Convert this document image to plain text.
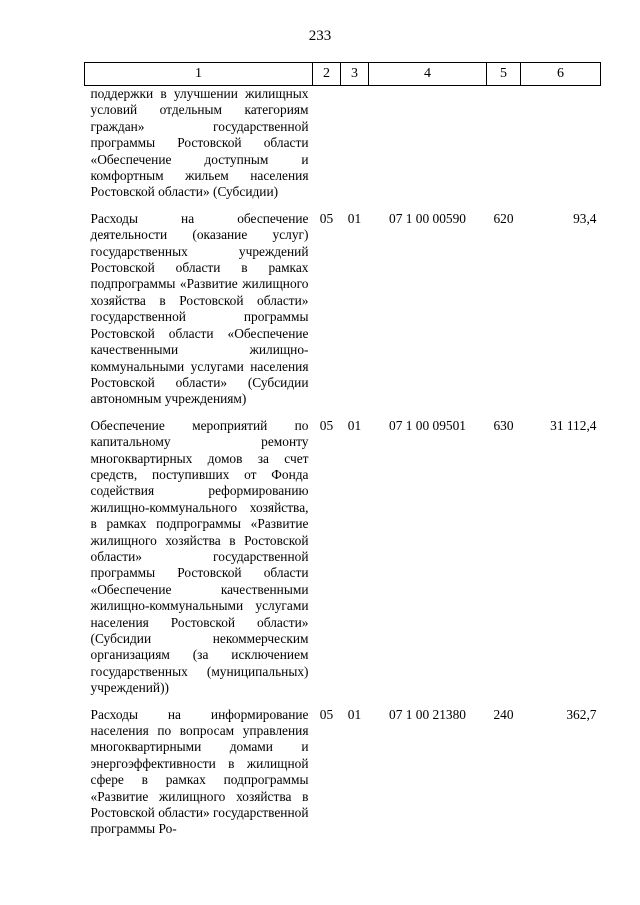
233
1	2	3	4	5	6
поддержки в улучшении жилищных условий отдельным категориям граждан» государственной программы Ростовской области «Обеспечение доступным и комфортным жильем населения Ростовской области» (Субсидии)					
Расходы на обеспечение деятельности (оказание услуг) государственных учреждений Ростовской области в рамках подпрограммы «Развитие жилищного хозяйства в Ростовской области» государственной программы Ростовской области «Обеспечение качественными жилищно-коммунальными услугами населения Ростовской области» (Субсидии автономным учреждениям)	05	01	07 1 00 00590	620	93,4
Обеспечение мероприятий по капитальному ремонту многоквартирных домов за счет средств, поступивших от Фонда содействия реформированию жилищно-коммунального хозяйства, в рамках подпрограммы «Развитие жилищного хозяйства в Ростовской области» государственной программы Ростовской области «Обеспечение качественными жилищно-коммунальными услугами населения Ростовской области» (Субсидии некоммерческим организациям (за исключением государственных (муниципальных) учреждений))	05	01	07 1 00 09501	630	31 112,4
Расходы на информирование населения по вопросам управления многоквартирными домами и энергоэффективности в жилищной сфере в рамках подпрограммы «Развитие жилищного хозяйства в Ростовской области» государственной программы Ро-	05	01	07 1 00 21380	240	362,7
